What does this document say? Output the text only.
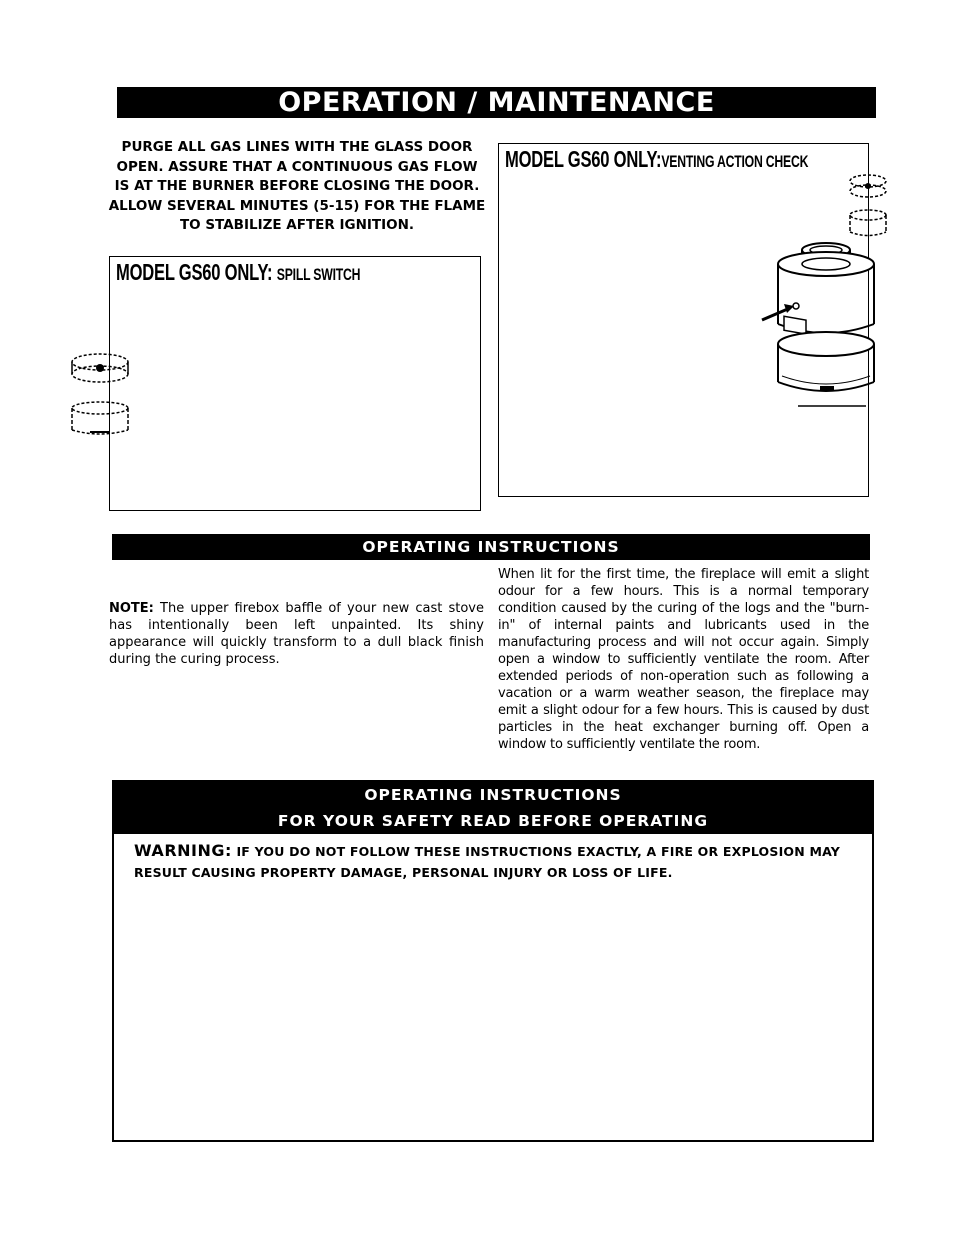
OPERATION / MAINTENANCE
PURGE ALL GAS LINES WITH THE GLASS DOOR OPEN. ASSURE THAT A CONTINUOUS GAS FLOW IS AT THE BURNER BEFORE CLOSING THE DOOR. ALLOW SEVERAL MINUTES (5-15) FOR THE FLAME TO STABILIZE AFTER IGNITION.
MODEL GS60 ONLY: SPILL SWITCH
MODEL GS60 ONLY:VENTING ACTION CHECK
OPERATING INSTRUCTIONS
NOTE: The upper firebox baffle of your new cast stove has intentionally been left unpainted. Its shiny appearance will quickly transform to a dull black finish during the curing process.
When lit for the first time, the fireplace will emit a slight odour for a few hours. This is a normal temporary condition caused by the curing of the logs and the "burn-in" of internal paints and lubricants used in the manufacturing process and will not occur again. Simply open a window to sufficiently ventilate the room. After extended periods of non-operation such as following a vacation or a warm weather season, the fireplace may emit a slight odour for a few hours. This is caused by dust particles in the heat exchanger burning off. Open a window to sufficiently ventilate the room.
OPERATING INSTRUCTIONS
FOR YOUR SAFETY READ BEFORE OPERATING
WARNING: IF YOU DO NOT FOLLOW THESE INSTRUCTIONS EXACTLY, A FIRE OR EXPLOSION MAY RESULT CAUSING PROPERTY DAMAGE, PERSONAL INJURY OR LOSS OF LIFE.
